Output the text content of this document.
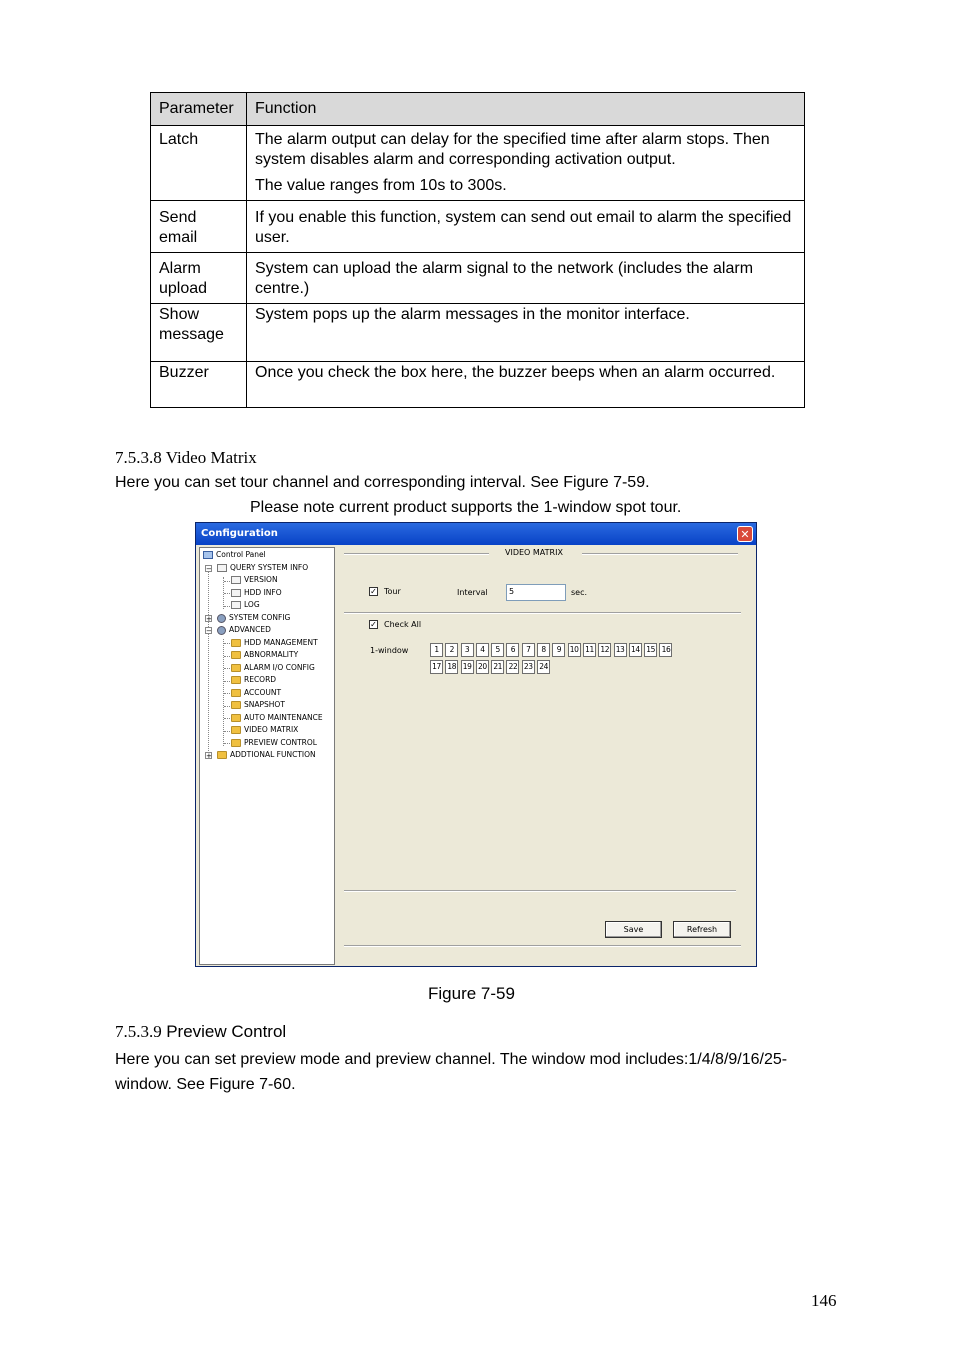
Parameter	Function
Latch	The alarm output can delay for the specified time after alarm stops. Then system disables alarm and corresponding activation output.

The value ranges from 10s to 300s.

Send email	If you enable this function, system can send out email to alarm the specified user.

Alarm upload	System can upload the alarm signal to the network (includes the alarm centre.)

Show message	System pops up the alarm messages in the monitor interface.

Buzzer	Once you check the box here, the buzzer beeps when an alarm occurred.

7.5.3.8 Video Matrix
Here you can set tour channel and corresponding interval. See Figure 7-59.
Please note current product supports the 1-window spot tour.
Configuration	✕
−
+
−
+
Control Panel
QUERY SYSTEM INFO
VERSION
HDD INFO
LOG
SYSTEM CONFIG
ADVANCED
HDD MANAGEMENT
ABNORMALITY
ALARM I/O CONFIG
RECORD
ACCOUNT
SNAPSHOT
AUTO MAINTENANCE
VIDEO MATRIX
PREVIEW CONTROL
ADDTIONAL FUNCTION
VIDEO MATRIX
✓ Tour	Interval	5	sec.
✓ Check All
1-window	1	2	3	4	5	6	7	8	9	10 11 12 13 14 15 16
17 18 19 20 21 22 23 24
Save	Refresh
Figure 7-59
7.5.3.9 Preview Control
Here you can set preview mode and preview channel. The window mod includes:1/4/8/9/16/25-window. See Figure 7-60.
146
